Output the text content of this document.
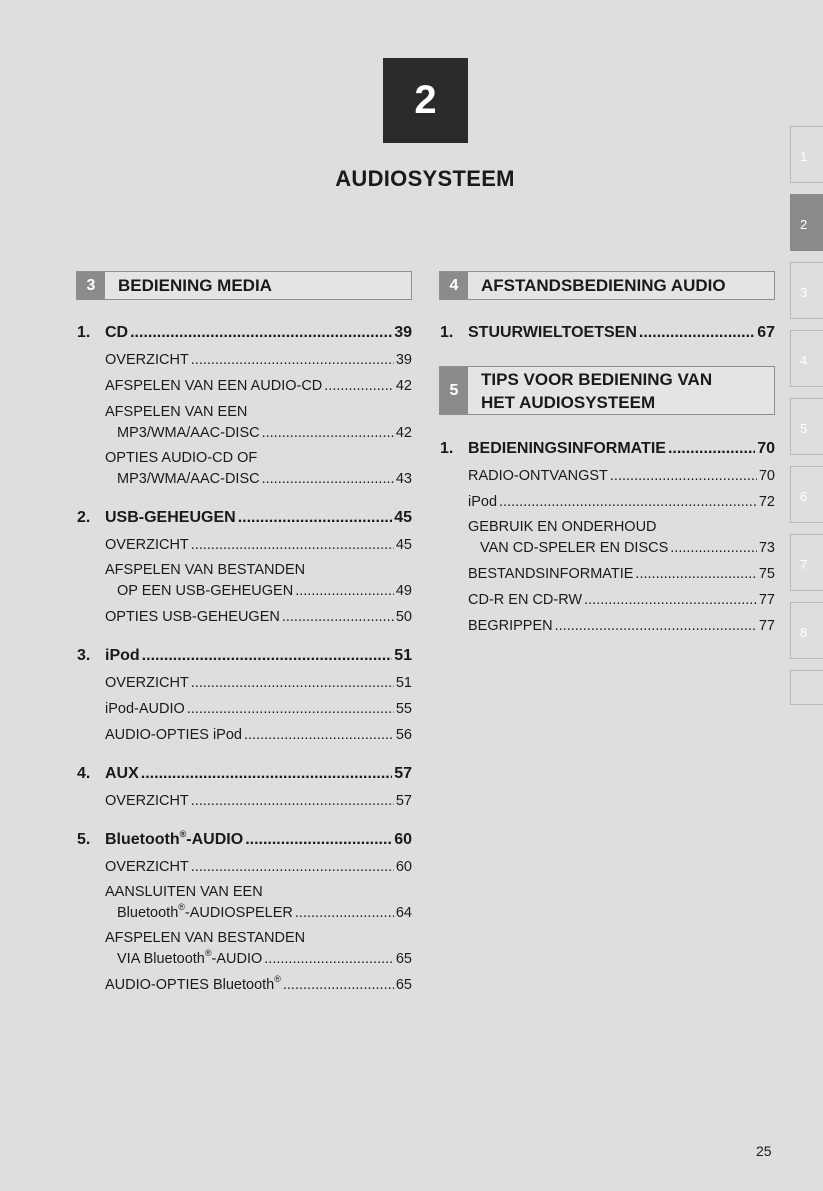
2
AUDIOSYSTEEM
1
2
3
4
5
6
7
8
3	BEDIENING MEDIA	4	AFSTANDSBEDIENING AUDIO
5
TIPS VOOR BEDIENING VAN
HET AUDIOSYSTEEM
1. CD .....	39
OVERZICHT .....	39
AFSPELEN VAN EEN AUDIO-CD .....	42
AFSPELEN VAN EEN
MP3/WMA/AAC-DISC .....	42
OPTIES AUDIO-CD OF
MP3/WMA/AAC-DISC .....	43
2. USB-GEHEUGEN .....	45
OVERZICHT .....	45
AFSPELEN VAN BESTANDEN
OP EEN USB-GEHEUGEN .....	49
OPTIES USB-GEHEUGEN .....	50
3. iPod .....	51
OVERZICHT .....	51
iPod-AUDIO .....	55
AUDIO-OPTIES iPod .....	56
4. AUX .....	57
OVERZICHT .....	57
5. Bluetooth®-AUDIO .....	60
OVERZICHT .....	60
AANSLUITEN VAN EEN
Bluetooth®-AUDIOSPELER .....	64
AFSPELEN VAN BESTANDEN
VIA Bluetooth®-AUDIO .....	65
AUDIO-OPTIES Bluetooth® .....	65
1. STUURWIELTOETSEN .....	67
1. BEDIENINGSINFORMATIE .....	70
RADIO-ONTVANGST .....	70
iPod .....	72
GEBRUIK EN ONDERHOUD
VAN CD-SPELER EN DISCS .....	73
BESTANDSINFORMATIE .....	75
CD-R EN CD-RW .....	77
BEGRIPPEN .....	77
25
